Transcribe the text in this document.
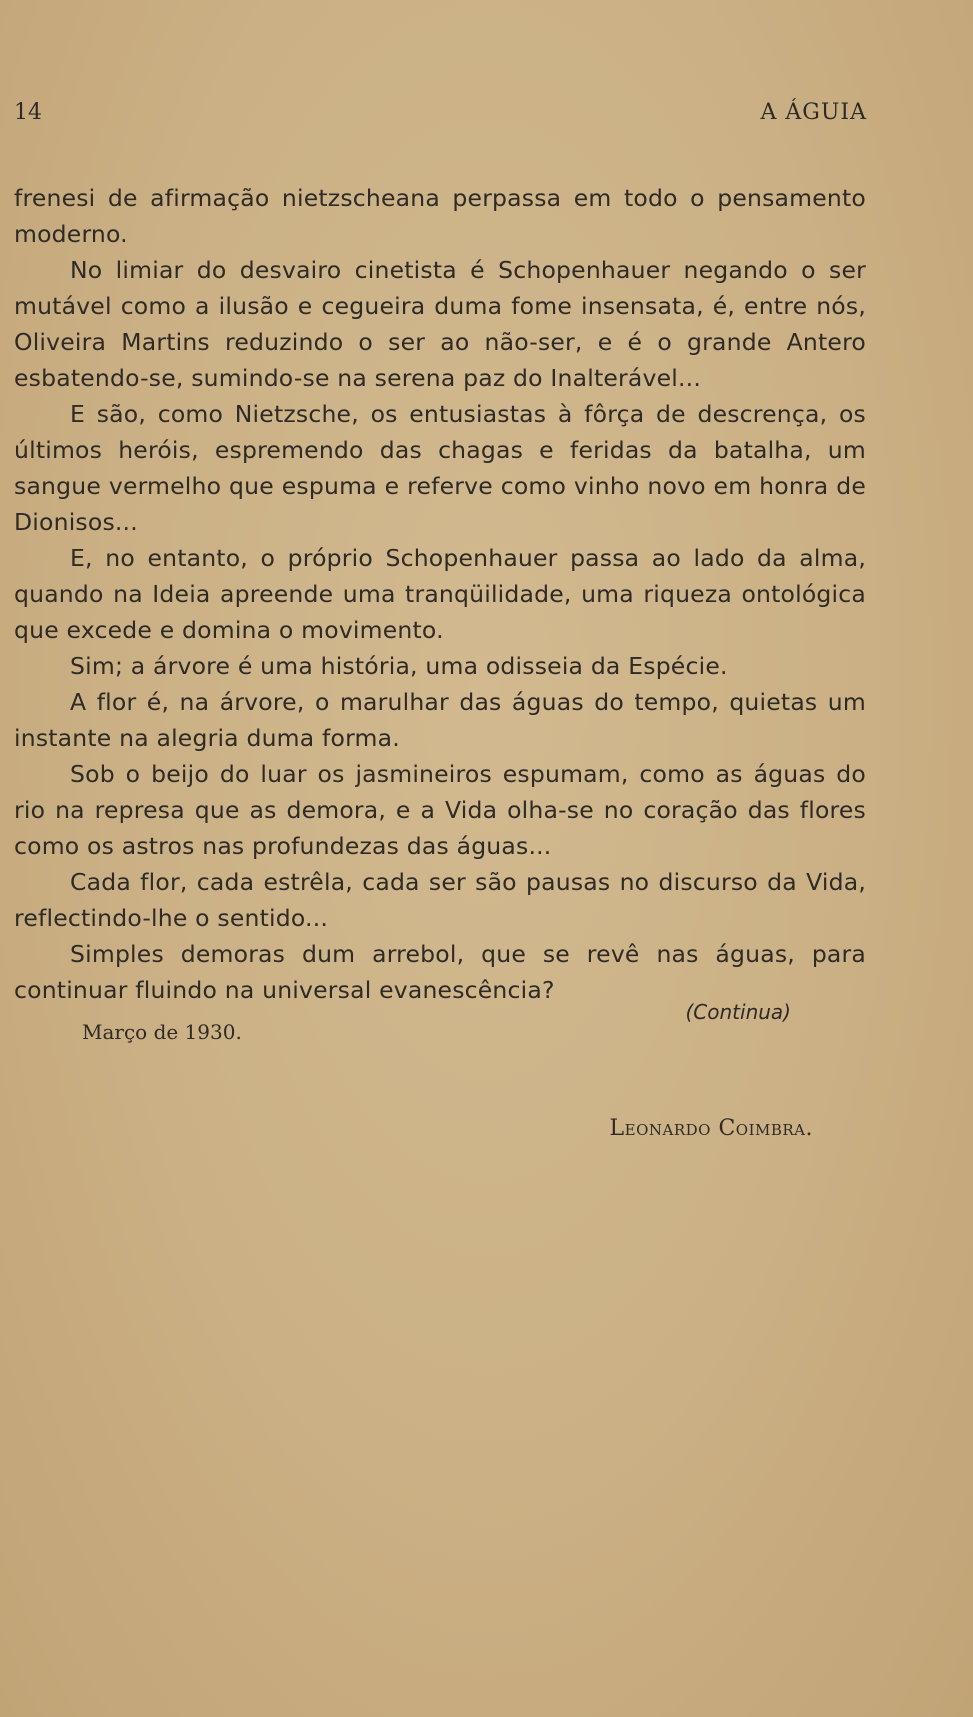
14	A ÁGUIA

frenesi de afirmação nietzscheana perpassa em todo o pensamento moderno.

No limiar do desvairo cinetista é Schopenhauer negando o ser mutável como a ilusão e cegueira duma fome insensata, é, entre nós, Oliveira Martins reduzindo o ser ao não-ser, e é o grande Antero esbatendo-se, sumindo-se na serena paz do Inalterável...

E são, como Nietzsche, os entusiastas à fôrça de descrença, os últimos heróis, espremendo das chagas e feridas da batalha, um sangue vermelho que espuma e referve como vinho novo em honra de Dionisos...

E, no entanto, o próprio Schopenhauer passa ao lado da alma, quando na Ideia apreende uma tranqüilidade, uma riqueza ontológica que excede e domina o movimento.

Sim; a árvore é uma história, uma odisseia da Espécie.

A flor é, na árvore, o marulhar das águas do tempo, quietas um instante na alegria duma forma.

Sob o beijo do luar os jasmineiros espumam, como as águas do rio na represa que as demora, e a Vida olha-se no coração das flores como os astros nas profundezas das águas...

Cada flor, cada estrêla, cada ser são pausas no discurso da Vida, reflectindo-lhe o sentido...

Simples demoras dum arrebol, que se revê nas águas, para continuar fluindo na universal evanescência?

(Continua)
Março de 1930.
Leonardo Coimbra.
